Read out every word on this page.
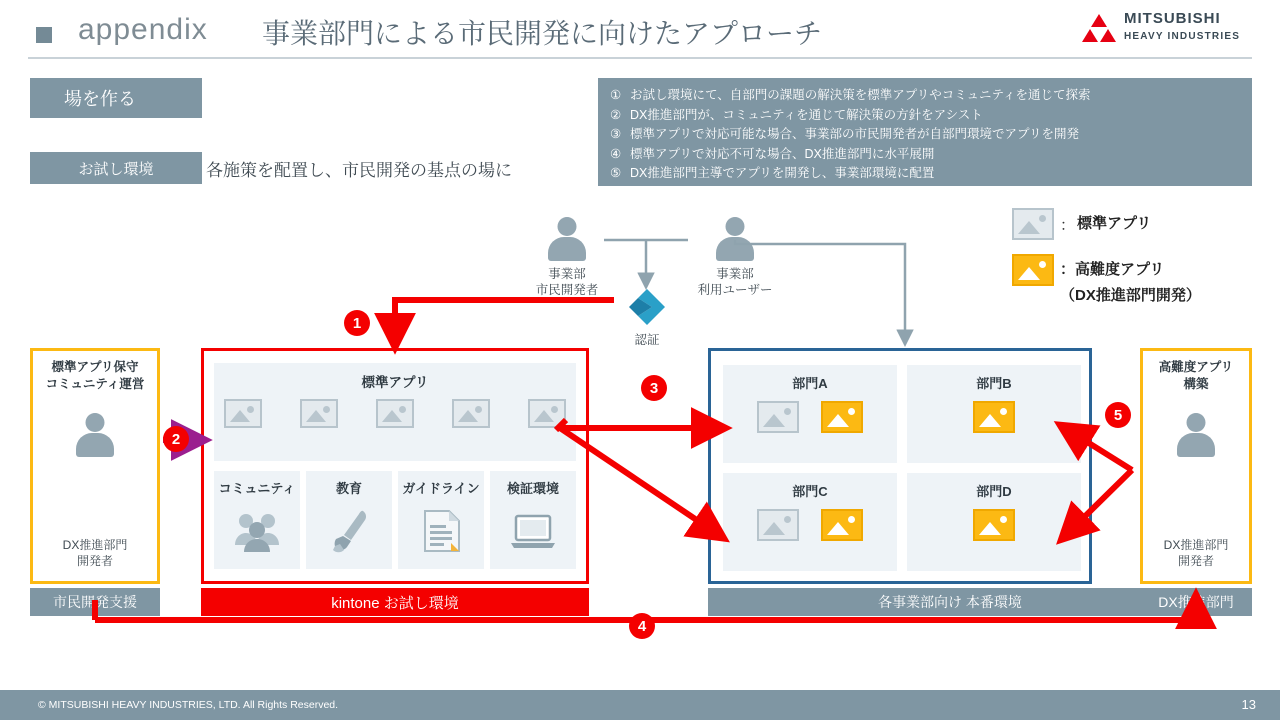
appendix 事業部門による市民開発に向けたアプローチ	MITSUBISHI
HEAVY INDUSTRIES
場を作る
お試し環境	各施策を配置し、市民開発の基点の場に
① お試し環境にて、自部門の課題の解決策を標準アプリやコミュニティを通じて探索
② DX推進部門が、コミュニティを通じて解決策の方針をアシスト
③ 標準アプリで対応可能な場合、事業部の市民開発者が自部門環境でアプリを開発
④ 標準アプリで対応不可な場合、DX推進部門に水平展開
⑤ DX推進部門主導でアプリを開発し、事業部環境に配置
： 標準アプリ
：高難度アプリ
（DX推進部門開発）
事業部
市民開発者
事業部
利用ユーザー
認証
標準アプリ保守
コミュニティ運営
DX推進部門
開発者
市民開発支援
標準アプリ
コミュニティ	教育	ガイドライン	検証環境
kintone お試し環境
部門A	部門B
部門C	部門D
各事業部向け 本番環境
高難度アプリ
構築
DX推進部門
開発者
DX推進部門
1
2
3
4
5
© MITSUBISHI HEAVY INDUSTRIES, LTD. All Rights Reserved.	13
